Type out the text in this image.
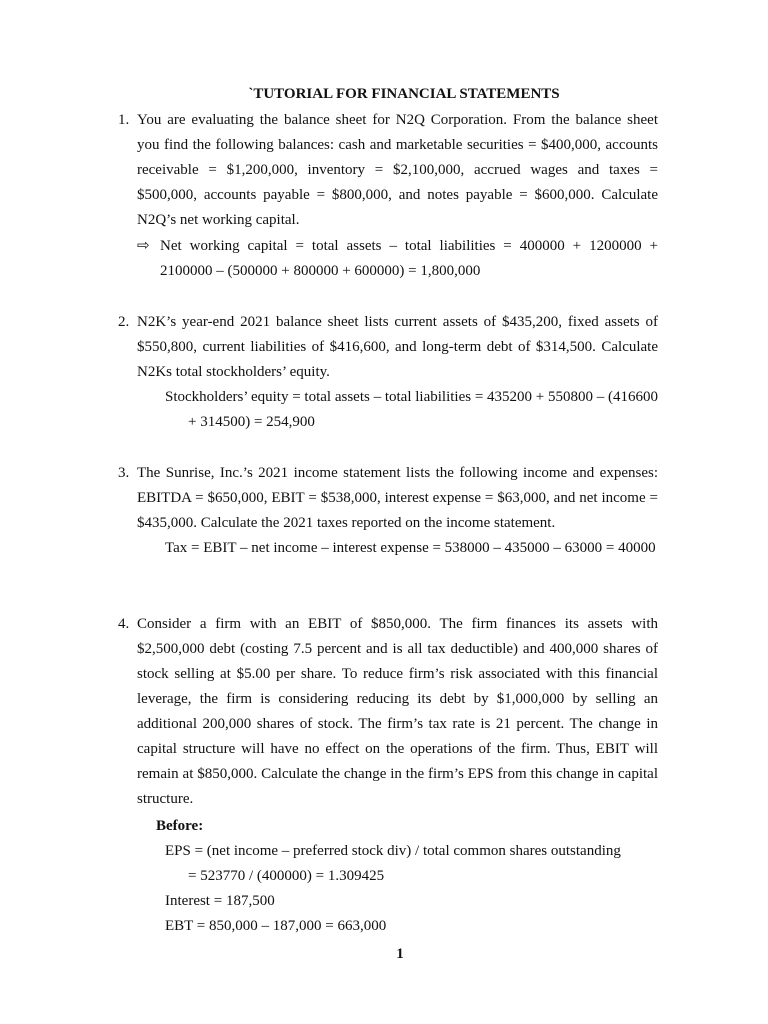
`TUTORIAL FOR FINANCIAL STATEMENTS
1. You are evaluating the balance sheet for N2Q Corporation. From the balance sheet you find the following balances: cash and marketable securities = $400,000, accounts receivable = $1,200,000, inventory = $2,100,000, accrued wages and taxes = $500,000, accounts payable = $800,000, and notes payable = $600,000. Calculate N2Q’s net working capital.
⇨ Net working capital = total assets – total liabilities = 400000 + 1200000 + 2100000 – (500000 + 800000 + 600000) = 1,800,000
2. N2K’s year-end 2021 balance sheet lists current assets of $435,200, fixed assets of $550,800, current liabilities of $416,600, and long-term debt of $314,500. Calculate N2Ks total stockholders’ equity.
Stockholders’ equity = total assets – total liabilities = 435200 + 550800 – (416600 + 314500) = 254,900
3. The Sunrise, Inc.’s 2021 income statement lists the following income and expenses: EBITDA = $650,000, EBIT = $538,000, interest expense = $63,000, and net income = $435,000. Calculate the 2021 taxes reported on the income statement.
Tax = EBIT – net income – interest expense = 538000 – 435000 – 63000 = 40000
4. Consider a firm with an EBIT of $850,000. The firm finances its assets with $2,500,000 debt (costing 7.5 percent and is all tax deductible) and 400,000 shares of stock selling at $5.00 per share. To reduce firm’s risk associated with this financial leverage, the firm is considering reducing its debt by $1,000,000 by selling an additional 200,000 shares of stock. The firm’s tax rate is 21 percent. The change in capital structure will have no effect on the operations of the firm. Thus, EBIT will remain at $850,000. Calculate the change in the firm’s EPS from this change in capital structure.
Before:
EPS = (net income – preferred stock div) / total common shares outstanding
= 523770 / (400000) = 1.309425
Interest = 187,500
EBT = 850,000 – 187,000 = 663,000
1
